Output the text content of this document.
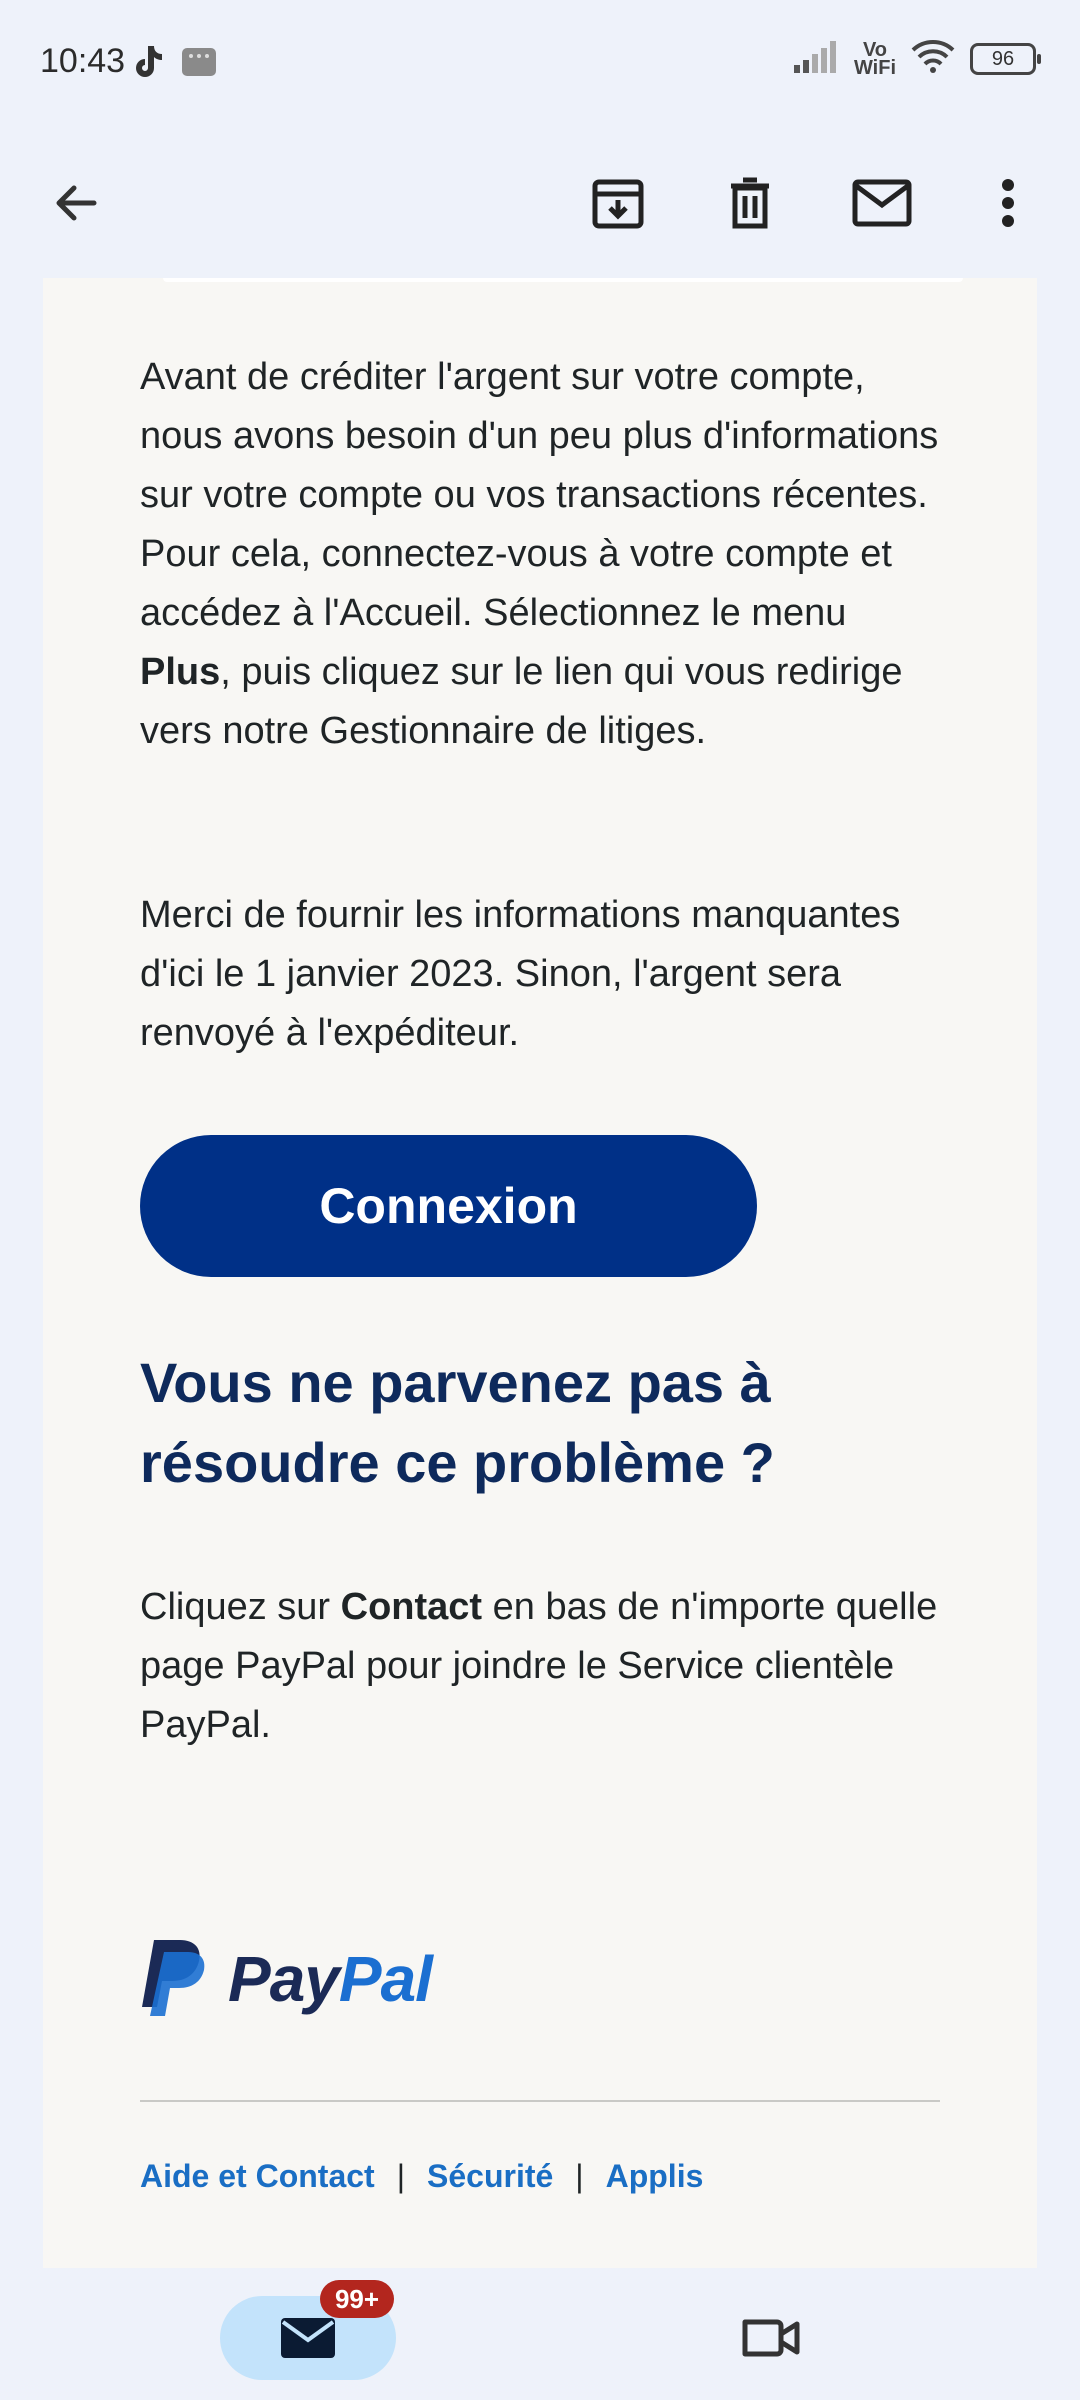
10:43	Vo
WiFi	96

Avant de créditer l'argent sur votre compte, nous avons besoin d'un peu plus d'informations sur votre compte ou vos transactions récentes. Pour cela, connectez-vous à votre compte et accédez à l'Accueil. Sélectionnez le menu Plus, puis cliquez sur le lien qui vous redirige vers notre Gestionnaire de litiges.

Merci de fournir les informations manquantes d'ici le 1 janvier 2023. Sinon, l'argent sera renvoyé à l'expéditeur.

Connexion
Vous ne parvenez pas à résoudre ce problème ?

Cliquez sur Contact en bas de n'importe quelle page PayPal pour joindre le Service clientèle PayPal.

PayPal
Aide et Contact | Sécurité | Applis
99+
